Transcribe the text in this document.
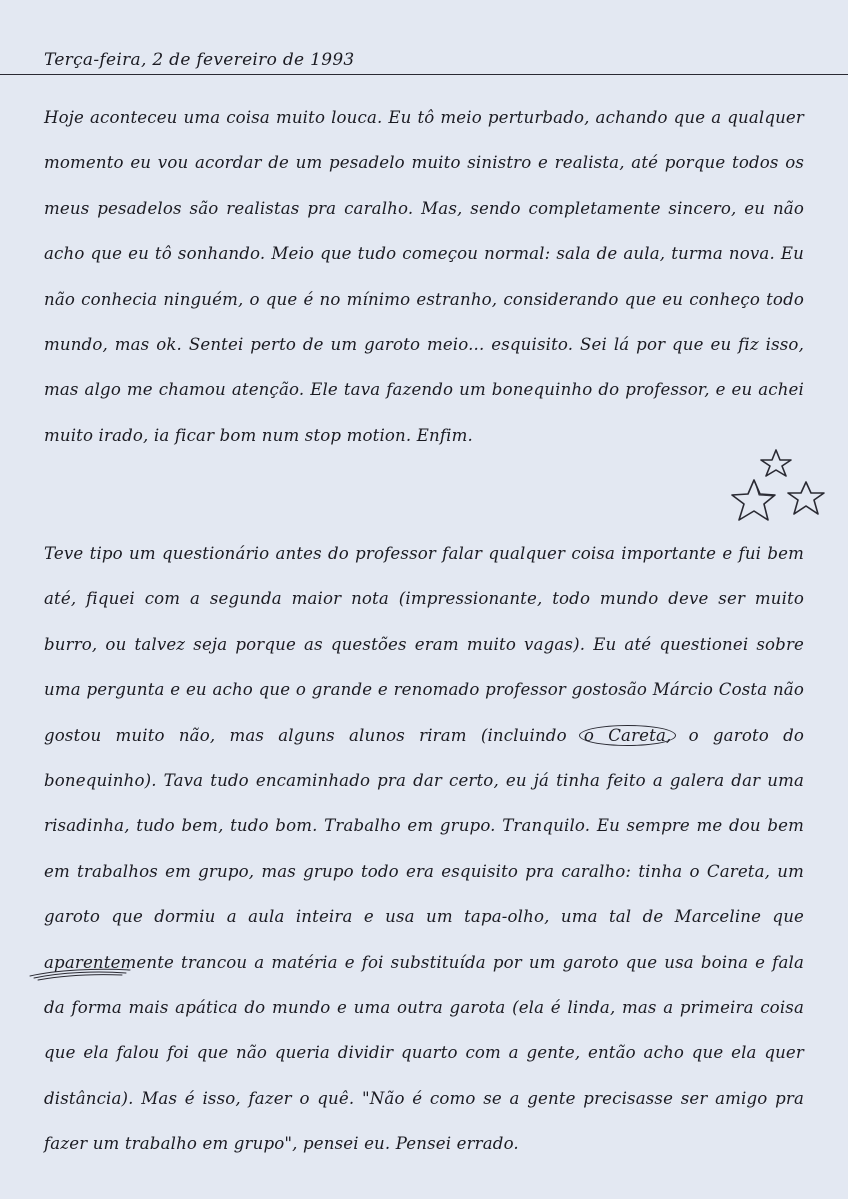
Terça-feira, 2 de fevereiro de 1993

Hoje aconteceu uma coisa muito louca. Eu tô meio perturbado, achando que a qualquer momento eu vou acordar de um pesadelo muito sinistro e realista, até porque todos os meus pesadelos são realistas pra caralho. Mas, sendo completamente sincero, eu não acho que eu tô sonhando. Meio que tudo começou normal: sala de aula, turma nova. Eu não conhecia ninguém, o que é no mínimo estranho, considerando que eu conheço todo mundo, mas ok. Sentei perto de um garoto meio... esquisito. Sei lá por que eu fiz isso, mas algo me chamou atenção. Ele tava fazendo um bonequinho do professor, e eu achei muito irado, ia ficar bom num stop motion. Enfim.

Teve tipo um questionário antes do professor falar qualquer coisa importante e fui bem até, fiquei com a segunda maior nota (impressionante, todo mundo deve ser muito burro, ou talvez seja porque as questões eram muito vagas). Eu até questionei sobre uma pergunta e eu acho que o grande e renomado professor gostosão Márcio Costa não gostou muito não, mas alguns alunos riram (incluindo o Careta, o garoto do bonequinho). Tava tudo encaminhado pra dar certo, eu já tinha feito a galera dar uma risadinha, tudo bem, tudo bom. Trabalho em grupo. Tranquilo. Eu sempre me dou bem em trabalhos em grupo, mas grupo todo era esquisito pra caralho: tinha o Careta, um garoto que dormiu a aula inteira e usa um tapa-olho, uma tal de Marceline que aparentemente trancou a matéria e foi substituída por um garoto que usa boina e fala da forma mais apática do mundo e uma outra garota (ela é linda, mas a primeira coisa que ela falou foi que não queria dividir quarto com a gente, então acho que ela quer distância). Mas é isso, fazer o quê. "Não é como se a gente precisasse ser amigo pra fazer um trabalho em grupo", pensei eu. Pensei errado.
